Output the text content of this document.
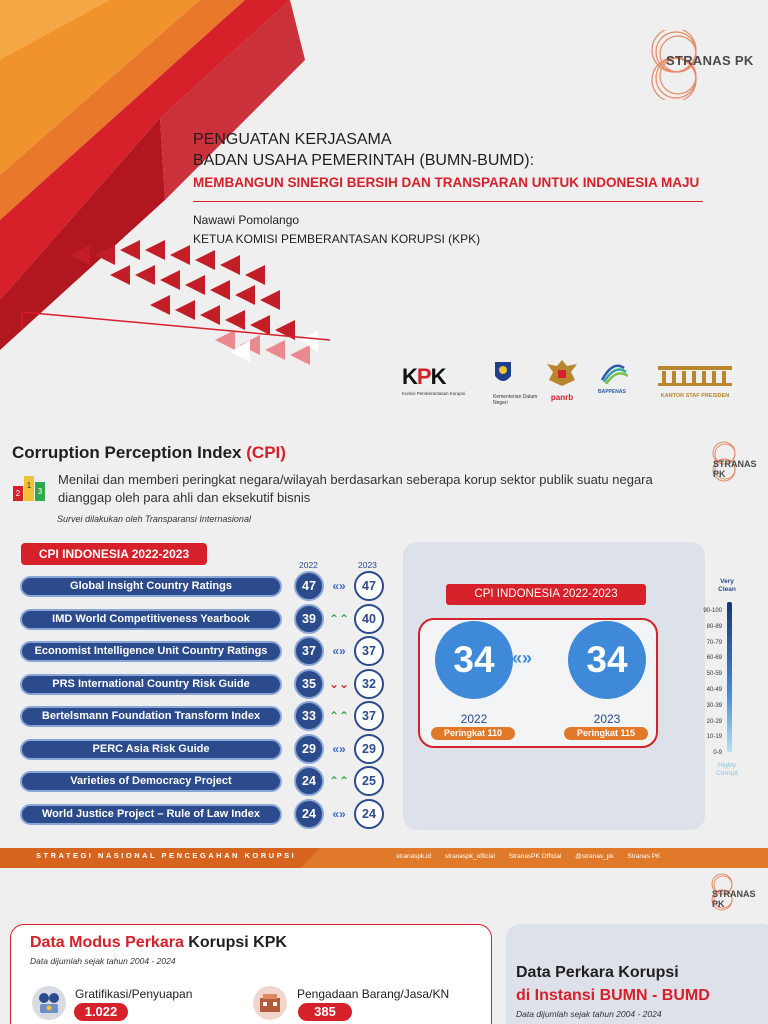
STRANAS PK
PENGUATAN KERJASAMA
BADAN USAHA PEMERINTAH (BUMN-BUMD):
MEMBANGUN SINERGI BERSIH DAN TRANSPARAN UNTUK INDONESIA MAJU
Nawawi Pomolango
KETUA KOMISI PEMBERANTASAN KORUPSI (KPK)
KPK
Komisi Pemberantasan Korupsi
Kementerian Dalam Negeri
panrb
BAPPENAS
KANTOR STAF PRESIDEN
Corruption Perception Index (CPI)
STRANAS PK
2
1
3
Menilai dan memberi peringkat negara/wilayah berdasarkan seberapa korup sektor publik suatu negara dianggap oleh para ahli dan eksekutif bisnis
Survei dilakukan oleh Transparansi Internasional
CPI INDONESIA 2022-2023
2022	2023
Global Insight Country Ratings	47	«»	47
IMD World Competitiveness Yearbook	39	⌃⌃	40
Economist Intelligence Unit Country Ratings	37	«»	37
PRS International Country Risk Guide	35	⌄⌄	32
Bertelsmann Foundation Transform Index	33	⌃⌃	37
PERC Asia Risk Guide	29	«»	29
Varieties of Democracy Project	24	⌃⌃	25
World Justice Project – Rule of Law Index	24	«»	24
CPI INDONESIA 2022-2023
34 «»	34
2022	2023
Peringkat 110	Peringkat 115
Very Clean
90-100
80-89
70-79
60-69
50-59
40-49
30-39
20-29
10-19
0-9
Highly Corrupt
STRATEGI NASIONAL PENCEGAHAN KORUPSI	stranaspk.id stranaspk_official StranasPK Official @stranas_pk Stranas PK
STRANAS PK
Data Modus Perkara Korupsi KPK
Data dijumlah sejak tahun 2004 - 2024
Gratifikasi/Penyuapan
1.022
Pengadaan Barang/Jasa/KN
385
Data Perkara Korupsi
di Instansi BUMN - BUMD
Data dijumlah sejak tahun 2004 - 2024
